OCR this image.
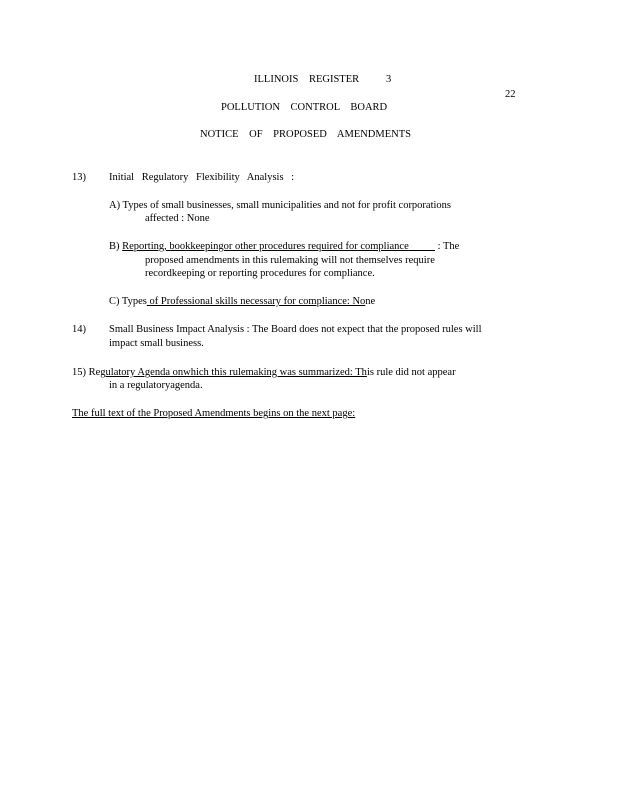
ILLINOIS REGISTER	3
22
POLLUTION CONTROL BOARD
NOTICE OF PROPOSED AMENDMENTS
13) Initial Regulatory Flexibility Analysis :
A) Types of small businesses, small municipalities and not for profit corporations
affected : None
B) Reporting, bookkeepingor other procedures required for compliance	: The
proposed amendments in this rulemaking will not themselves require
recordkeeping or reporting procedures for compliance.
C) Types of Professional skills necessary for compliance: None
14) Small Business Impact Analysis : The Board does not expect that the proposed rules will
impact small business.
15) Regulatory Agenda onwhich this rulemaking was summarized: This rule did not appear
in a regulatoryagenda.
The full text of the Proposed Amendments begins on the next page:
